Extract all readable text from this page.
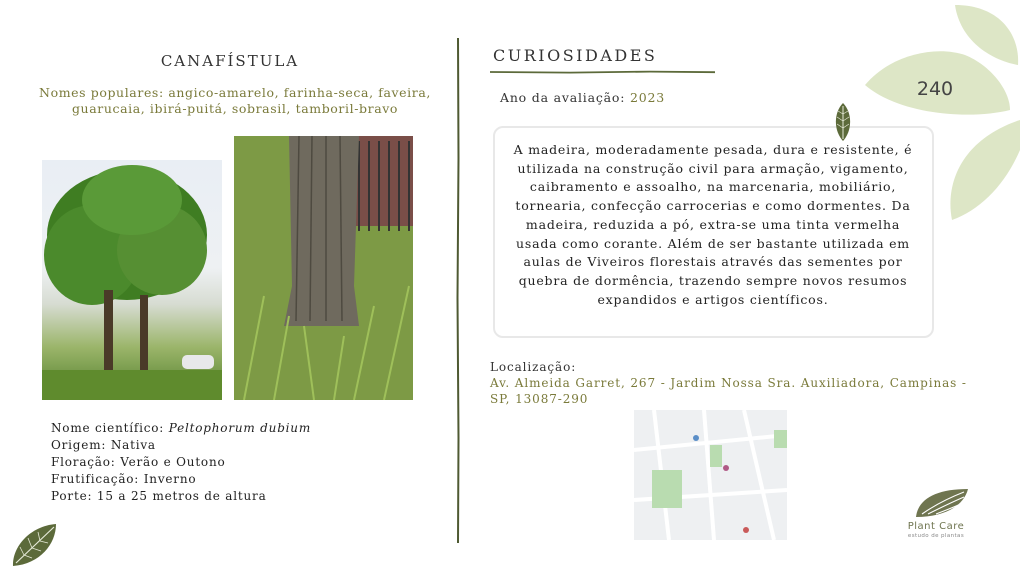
240
CANAFÍSTULA
Nomes populares: angico-amarelo, farinha-seca, faveira, guarucaia, ibirá-puitá, sobrasil, tamboril-bravo
Nome científico: Peltophorum dubium
Origem: Nativa
Floração: Verão e Outono
Frutificação: Inverno
Porte: 15 a 25 metros de altura
CURIOSIDADES
Ano da avaliação: 2023
A madeira, moderadamente pesada, dura e resistente, é utilizada na construção civil para armação, vigamento, caibramento e assoalho, na marcenaria, mobiliário, tornearia, confecção carrocerias e como dormentes. Da madeira, reduzida a pó, extra-se uma tinta vermelha usada como corante. Além de ser bastante utilizada em aulas de Viveiros florestais através das sementes por quebra de dormência, trazendo sempre novos resumos expandidos e artigos científicos.
Localização:
Av. Almeida Garret, 267 - Jardim Nossa Sra. Auxiliadora, Campinas - SP, 13087-290
Plant Care
estudo de plantas
